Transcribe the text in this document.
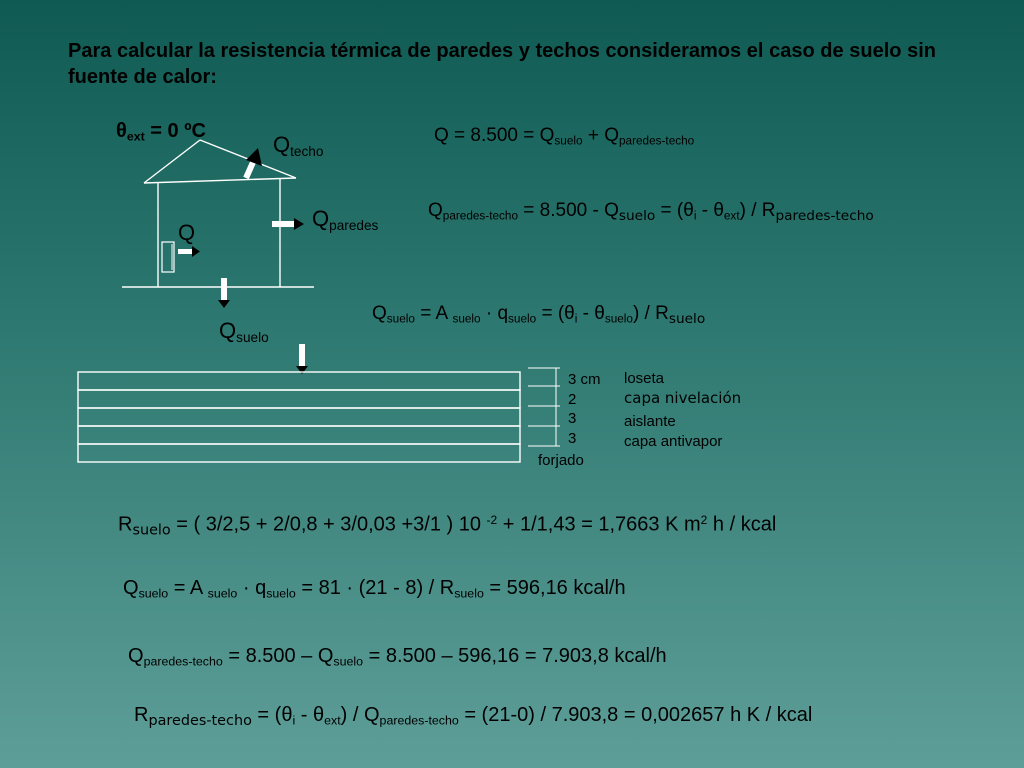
Para calcular la resistencia térmica de paredes y techos consideramos el caso de suelo sin fuente de calor:
$\theta_{ext} = 0$ ºC
$Q_{techo}$
$Q_{paredes}$
Q
$Q_{suelo}$
3 cm
2
3
3
forjado
loseta
capa nivelación
aislante
capa antivapor
$Q = 8.500 = Q_{suelo} + Q_{paredes-techo}$
$Q_{paredes-techo} = 8.500 - Q_{suelo} = (\theta_i - \theta_{ext}) / R_{paredes-techo}$
$Q_{suelo} = A$ $_{suelo} \cdot q_{suelo} = (\theta_i - \theta_{suelo}) / R_{suelo}$
$R_{suelo}$ = ( 3/2,5 + 2/0,8 + 3/0,03 +3/1 ) 10 $^{-2}$ + 1/1,43 = 1,7663 K $m^2$ h / kcal
$Q_{suelo} = A$ $_{suelo} \cdot q_{suelo} = 81 \cdot (21 - 8) / R_{suelo} = 596,16$ kcal/h
$Q_{paredes-techo} = 8.500 - Q_{suelo} = 8.500 - 596,16 = 7.903,8$ kcal/h
$R_{paredes-techo} = (\theta_i - \theta_{ext}) / Q_{paredes-techo} = (21-0) / 7.903,8 = 0,002657$ h K / kcal
